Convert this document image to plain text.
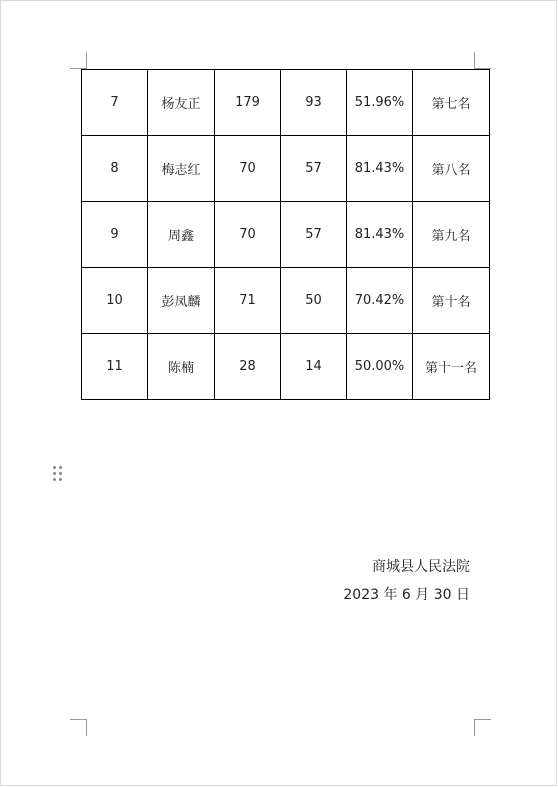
7	杨友正	179	93	51.96%	第七名
8	梅志红	70	57	81.43%	第八名
9	周鑫	70	57	81.43%	第九名
10	彭凤麟	71	50	70.42%	第十名
11	陈楠	28	14	50.00%	第十一名
商城县人民法院
2023 年 6 月 30 日
